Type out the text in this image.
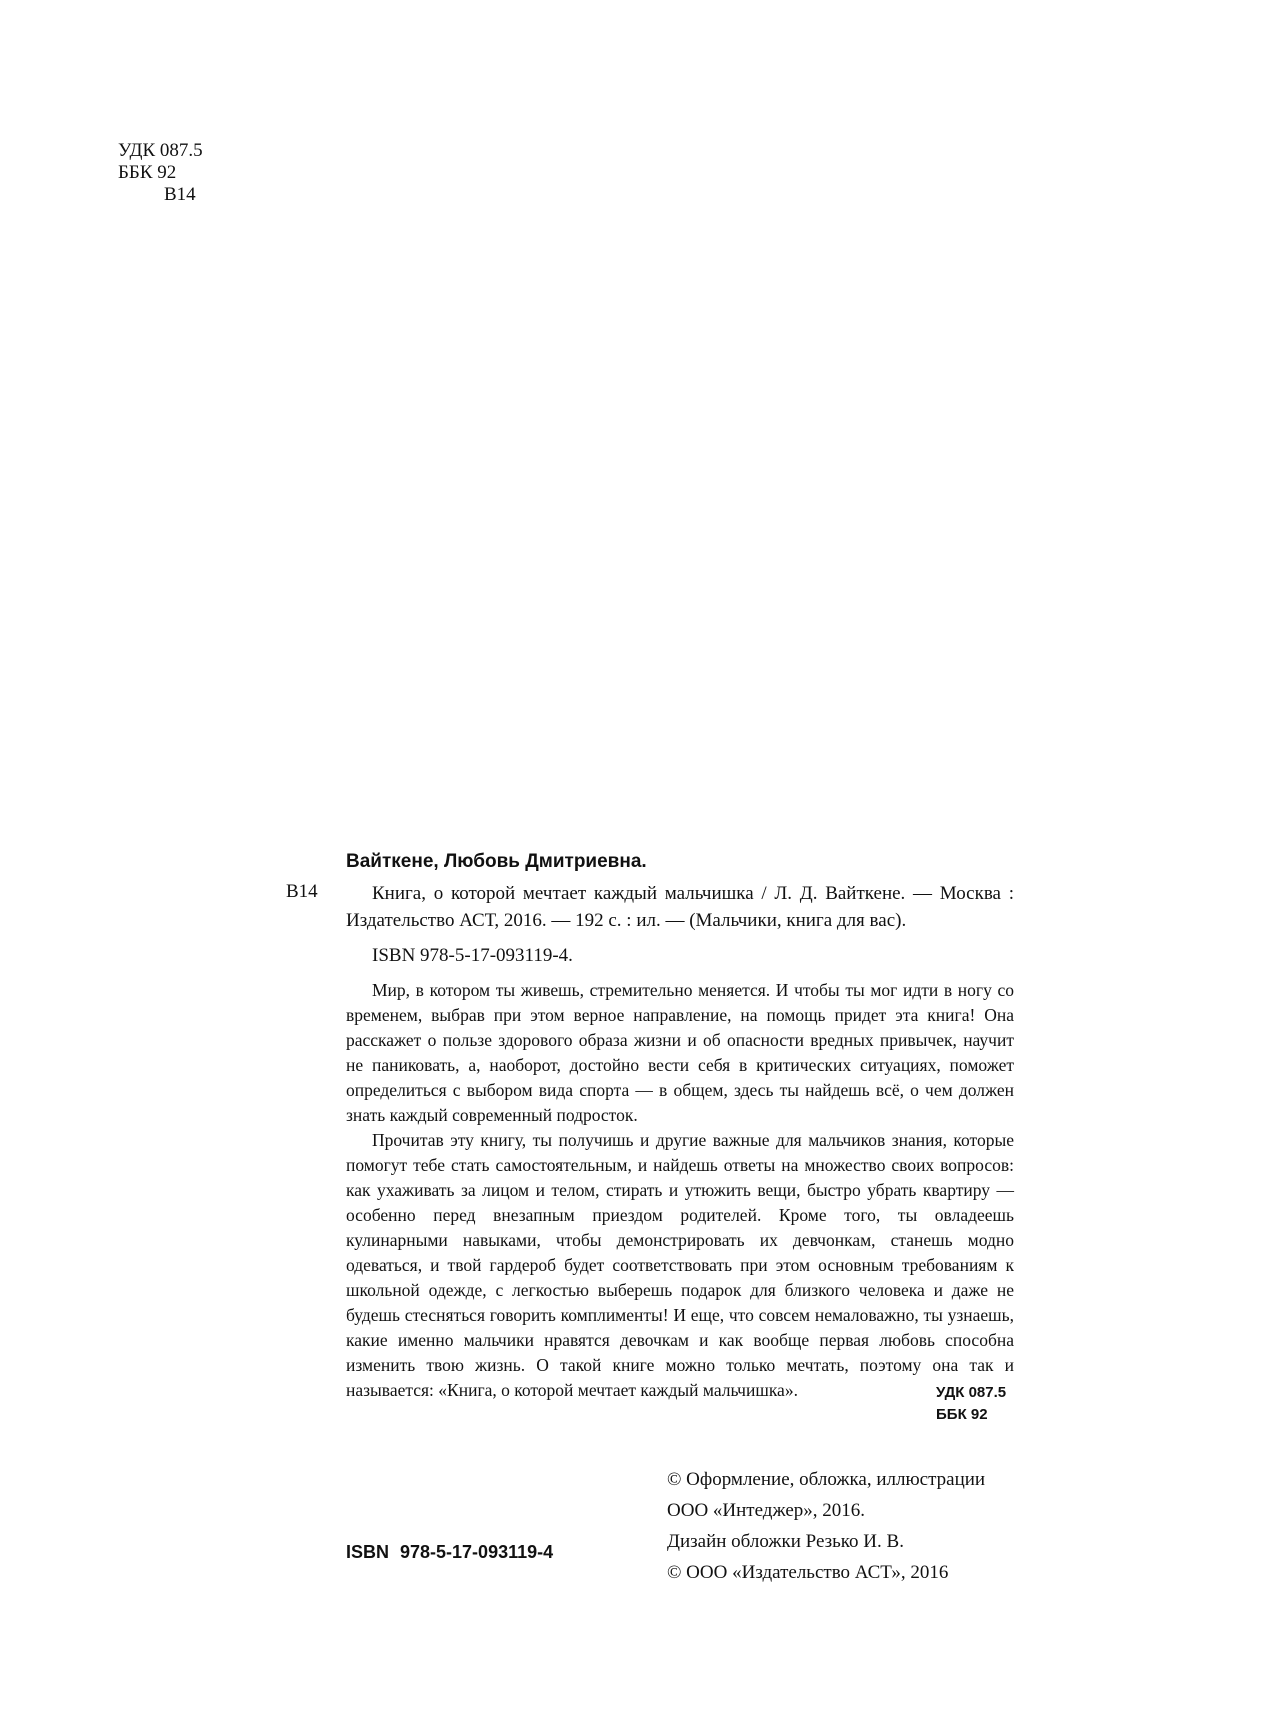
УДК 087.5
ББК 92
В14
В14
Вайткене, Любовь Дмитриевна.
Книга, о которой мечтает каждый мальчишка / Л. Д. Вайткене. — Москва : Издательство АСТ, 2016. — 192 с. : ил. — (Мальчики, книга для вас).
ISBN 978-5-17-093119-4.

Мир, в котором ты живешь, стремительно меняется. И чтобы ты мог идти в ногу со временем, выбрав при этом верное направление, на помощь придет эта книга! Она расскажет о пользе здорового образа жизни и об опасности вредных привычек, научит не паниковать, а, наоборот, достойно вести себя в критических ситуациях, поможет определиться с выбором вида спорта — в общем, здесь ты найдешь всё, о чем должен знать каждый современный подросток.

Прочитав эту книгу, ты получишь и другие важные для мальчиков знания, которые помогут тебе стать самостоятельным, и найдешь ответы на множество своих вопросов: как ухаживать за лицом и телом, стирать и утюжить вещи, быстро убрать квартиру — особенно перед внезапным приездом родителей. Кроме того, ты овладеешь кулинарными навыками, чтобы демонстрировать их девчонкам, станешь модно одеваться, и твой гардероб будет соответствовать при этом основным требованиям к школьной одежде, с легкостью выберешь подарок для близкого человека и даже не будешь стесняться говорить комплименты! И еще, что совсем немаловажно, ты узнаешь, какие именно мальчики нравятся девочкам и как вообще первая любовь способна изменить твою жизнь. О такой книге можно только мечтать, поэтому она так и называется: «Книга, о которой мечтает каждый мальчишка».	УДК 087.5
ББК 92
© Оформление, обложка, иллюстрации
ООО «Интеджер», 2016.
Дизайн обложки Резько И. В.
© ООО «Издательство АСТ», 2016
ISBN 978-5-17-093119-4
